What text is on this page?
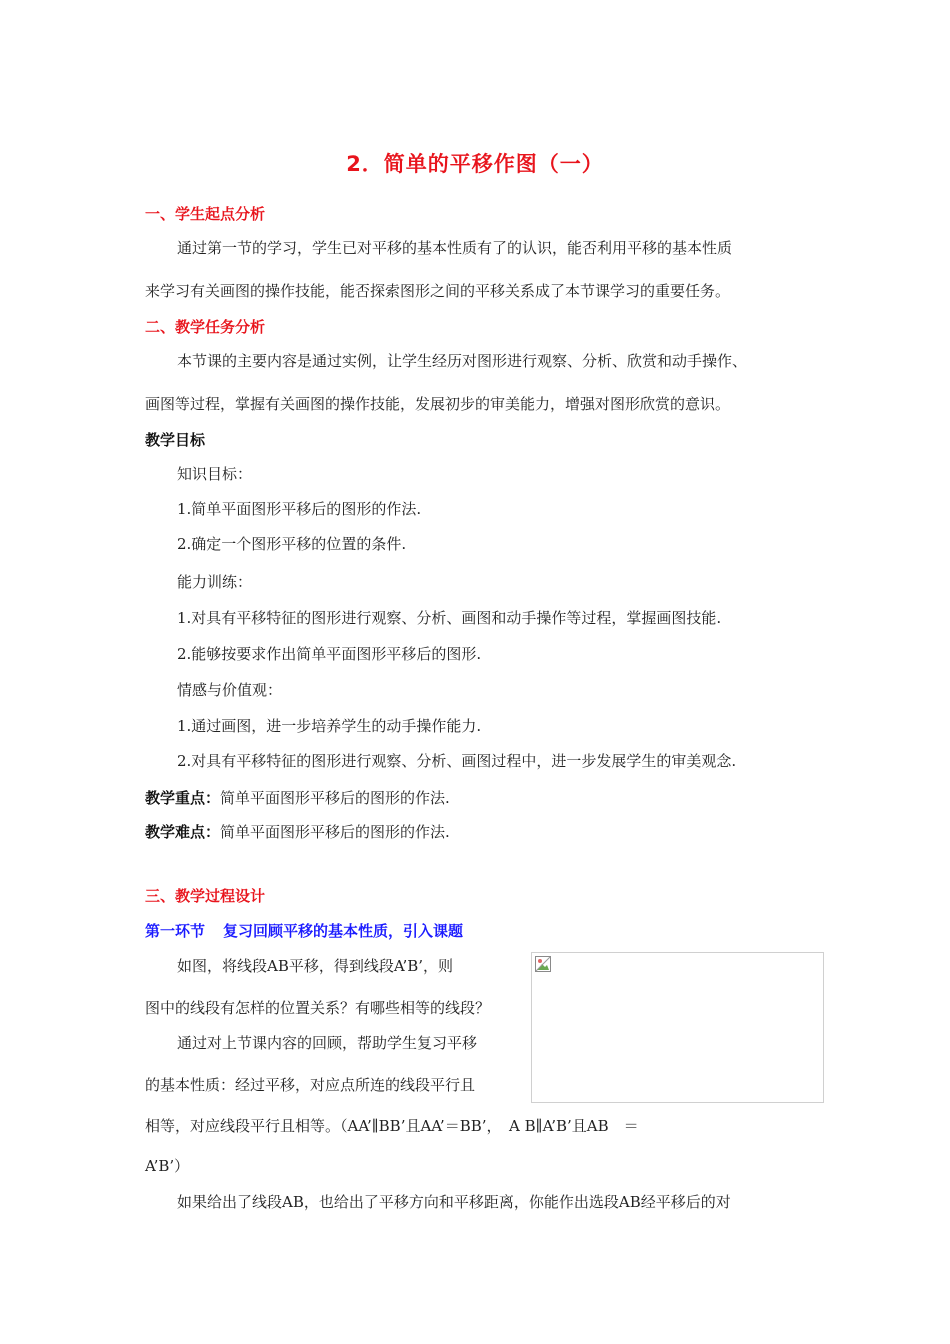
2．简单的平移作图（一）
一、学生起点分析
通过第一节的学习，学生已对平移的基本性质有了的认识，能否利用平移的基本性质
来学习有关画图的操作技能，能否探索图形之间的平移关系成了本节课学习的重要任务。
二、教学任务分析
本节课的主要内容是通过实例，让学生经历对图形进行观察、分析、欣赏和动手操作、
画图等过程，掌握有关画图的操作技能，发展初步的审美能力，增强对图形欣赏的意识。
教学目标
知识目标：
1.简单平面图形平移后的图形的作法.
2.确定一个图形平移的位置的条件.
能力训练：
1.对具有平移特征的图形进行观察、分析、画图和动手操作等过程，掌握画图技能.
2.能够按要求作出简单平面图形平移后的图形.
情感与价值观：
1.通过画图，进一步培养学生的动手操作能力.
2.对具有平移特征的图形进行观察、分析、画图过程中，进一步发展学生的审美观念.
教学重点：简单平面图形平移后的图形的作法.
教学难点：简单平面图形平移后的图形的作法.
三、教学过程设计
第一环节 复习回顾平移的基本性质，引入课题
如图，将线段AB平移，得到线段A’B’，则
图中的线段有怎样的位置关系？有哪些相等的线段？
通过对上节课内容的回顾，帮助学生复习平移
的基本性质：经过平移，对应点所连的线段平行且
相等，对应线段平行且相等。（AA’∥BB’且AA’＝BB’，　A B∥A’B’且AB　＝
A’B’）
如果给出了线段AB，也给出了平移方向和平移距离，你能作出选段AB经平移后的对
